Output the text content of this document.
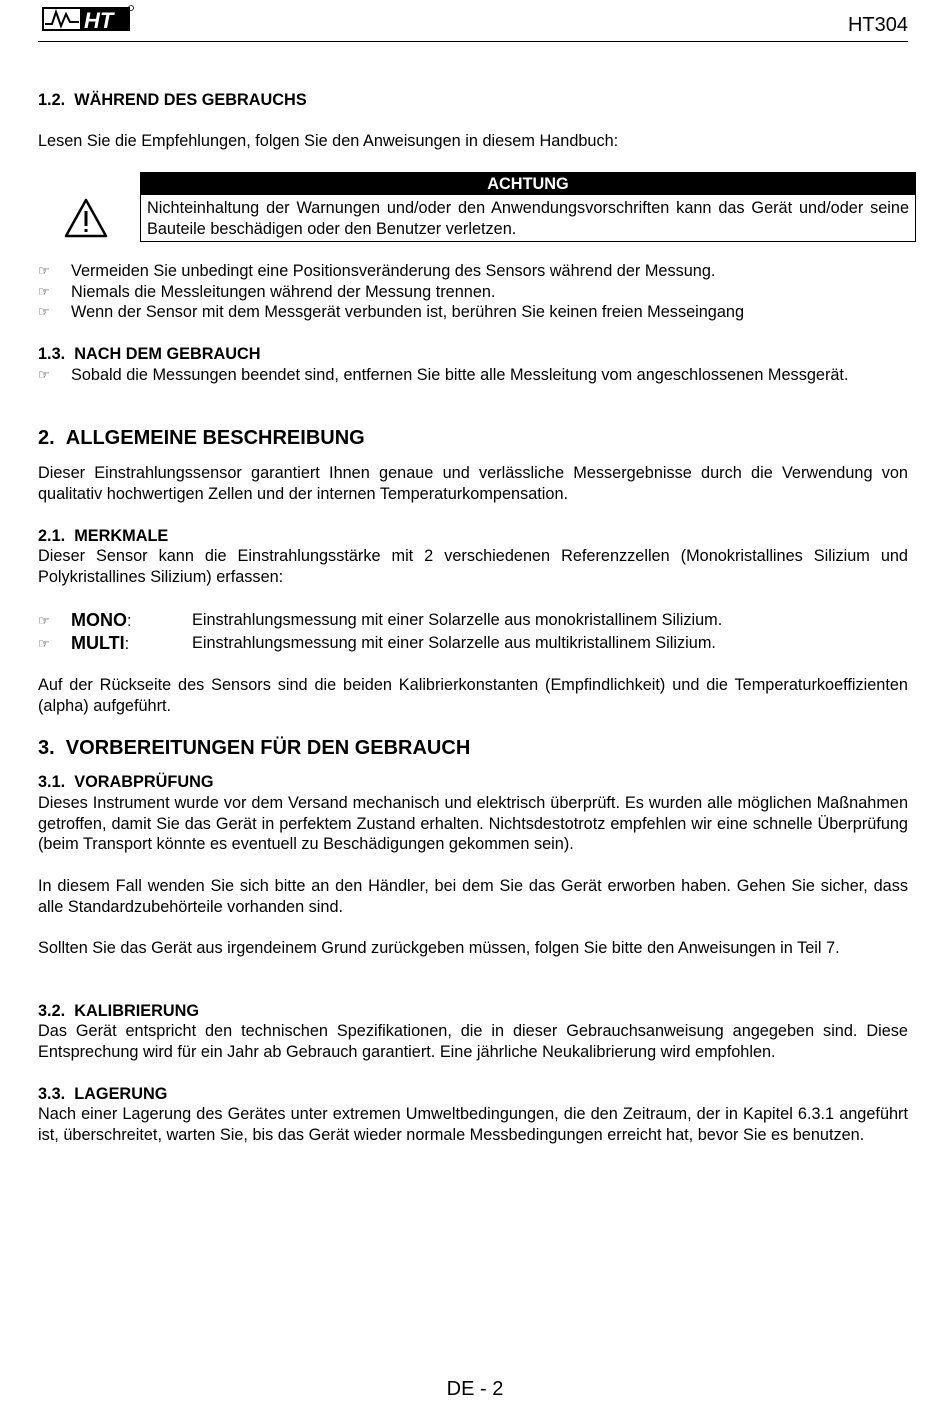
HT	HT304
1.2.  WÄHREND DES GEBRAUCHS
Lesen Sie die Empfehlungen, folgen Sie den Anweisungen in diesem Handbuch:
ACHTUNG
Nichteinhaltung der Warnungen und/oder den Anwendungsvorschriften kann das Gerät und/oder seine Bauteile beschädigen oder den Benutzer verletzen.
☞ Vermeiden Sie unbedingt eine Positionsveränderung des Sensors während der Messung.
☞ Niemals die Messleitungen während der Messung trennen.
☞ Wenn der Sensor mit dem Messgerät verbunden ist, berühren Sie keinen freien Messeingang
1.3.  NACH DEM GEBRAUCH
☞ Sobald die Messungen beendet sind, entfernen Sie bitte alle Messleitung vom angeschlossenen Messgerät.
2.  ALLGEMEINE BESCHREIBUNG
Dieser Einstrahlungssensor garantiert Ihnen genaue und verlässliche Messergebnisse durch die Verwendung von qualitativ hochwertigen Zellen und der internen Temperaturkompensation.
2.1.  MERKMALE
Dieser Sensor kann die Einstrahlungsstärke mit 2 verschiedenen Referenzzellen (Monokristallines Silizium und Polykristallines Silizium) erfassen:
☞ MONO:	Einstrahlungsmessung mit einer Solarzelle aus monokristallinem Silizium.
☞ MULTI:	Einstrahlungsmessung mit einer Solarzelle aus multikristallinem Silizium.
Auf der Rückseite des Sensors sind die beiden Kalibrierkonstanten (Empfindlichkeit) und die Temperaturkoeffizienten (alpha) aufgeführt.
3.  VORBEREITUNGEN FÜR DEN GEBRAUCH
3.1.  VORABPRÜFUNG
Dieses Instrument wurde vor dem Versand mechanisch und elektrisch überprüft. Es wurden alle möglichen Maßnahmen getroffen, damit Sie das Gerät in perfektem Zustand erhalten. Nichtsdestotrotz empfehlen wir eine schnelle Überprüfung (beim Transport könnte es eventuell zu Beschädigungen gekommen sein).
In diesem Fall wenden Sie sich bitte an den Händler, bei dem Sie das Gerät erworben haben. Gehen Sie sicher, dass alle Standardzubehörteile vorhanden sind.
Sollten Sie das Gerät aus irgendeinem Grund zurückgeben müssen, folgen Sie bitte den Anweisungen in Teil 7.
3.2.  KALIBRIERUNG
Das Gerät entspricht den technischen Spezifikationen, die in dieser Gebrauchsanweisung angegeben sind. Diese Entsprechung wird für ein Jahr ab Gebrauch garantiert. Eine jährliche Neukalibrierung wird empfohlen.
3.3.  LAGERUNG
Nach einer Lagerung des Gerätes unter extremen Umweltbedingungen, die den Zeitraum, der in Kapitel 6.3.1 angeführt ist, überschreitet, warten Sie, bis das Gerät wieder normale Messbedingungen erreicht hat, bevor Sie es benutzen.
DE - 2
